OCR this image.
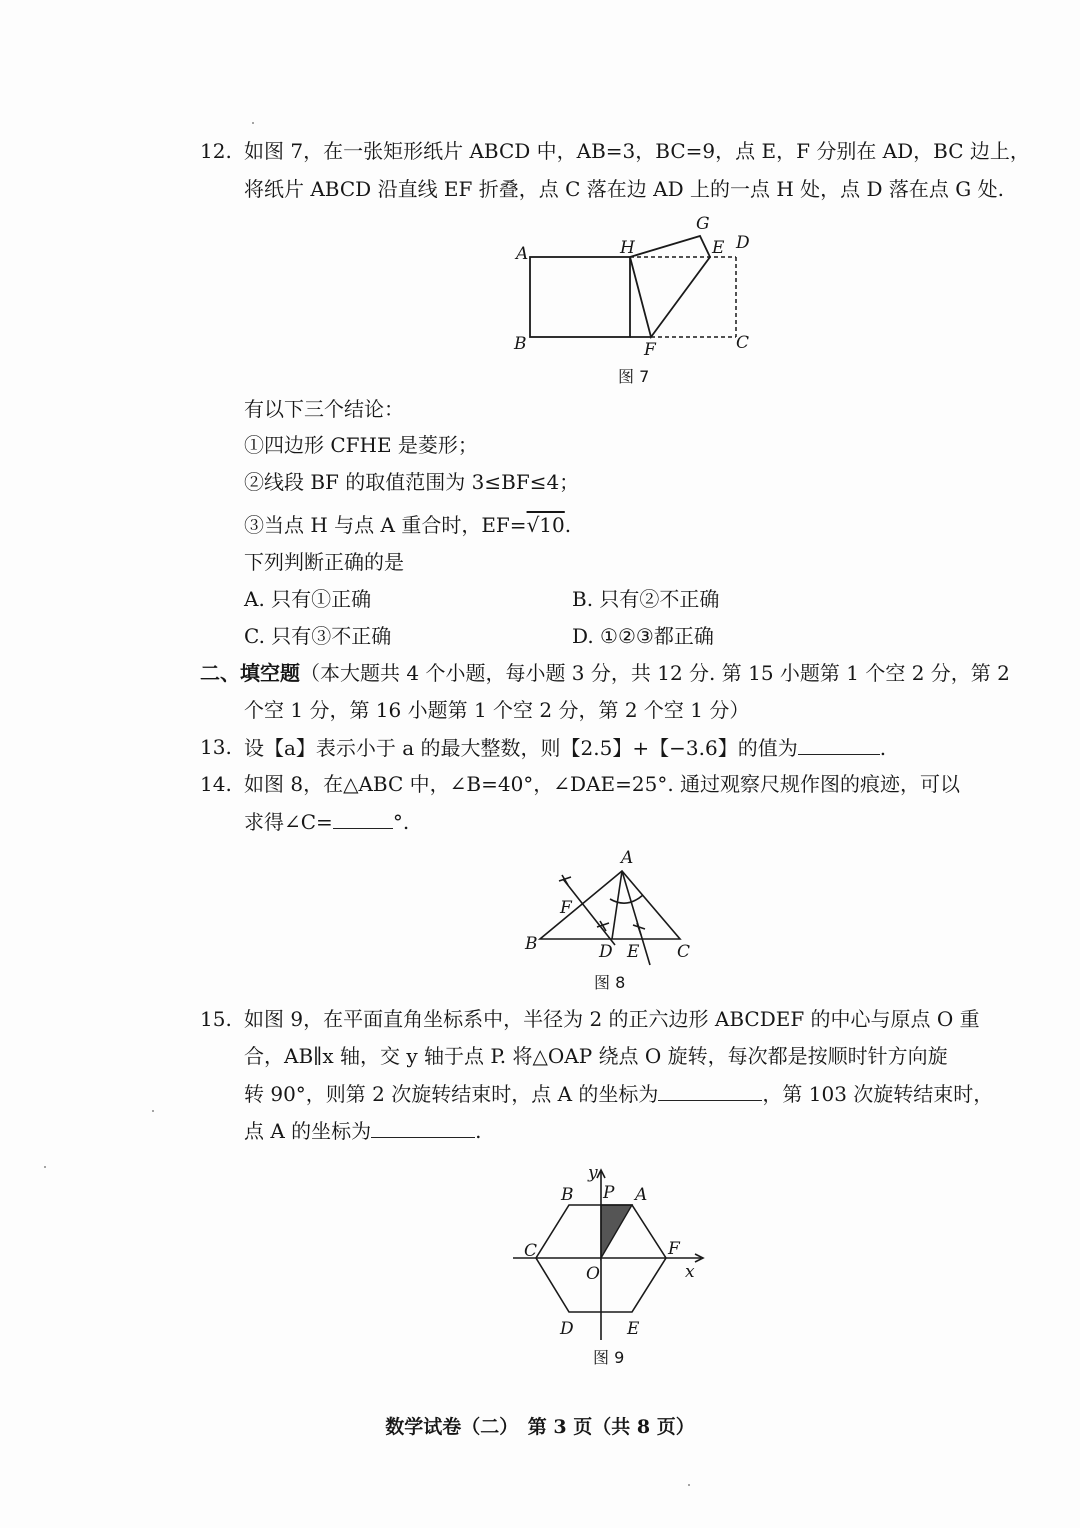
12. 如图 7，在一张矩形纸片 ABCD 中，AB=3，BC=9，点 E，F 分别在 AD，BC 边上，
将纸片 ABCD 沿直线 EF 折叠，点 C 落在边 AD 上的一点 H 处，点 D 落在点 G 处.
A
B	C
D
E
F
G
H
图 7
有以下三个结论：
①四边形 CFHE 是菱形；
②线段 BF 的取值范围为 3≤BF≤4；
③当点 H 与点 A 重合时，EF=√10.
下列判断正确的是
A. 只有①正确	B. 只有②不正确
C. 只有③不正确	D. ①②③都正确
二、填空题（本大题共 4 个小题，每小题 3 分，共 12 分. 第 15 小题第 1 个空 2 分，第 2
个空 1 分，第 16 小题第 1 个空 2 分，第 2 个空 1 分）
13. 设【a】表示小于 a 的最大整数，则【2.5】+【−3.6】的值为	.
14. 如图 8，在△ABC 中，∠B=40°，∠DAE=25°. 通过观察尺规作图的痕迹，可以
求得∠C=	°.
A
B	C
D E
F
图 8
15. 如图 9，在平面直角坐标系中，半径为 2 的正六边形 ABCDEF 的中心与原点 O 重
合，AB∥x 轴，交 y 轴于点 P. 将△OAP 绕点 O 旋转，每次都是按顺时针方向旋
转 90°，则第 2 次旋转结束时，点 A 的坐标为	，第 103 次旋转结束时，
点 A 的坐标为	.
A
B
C
D	E
F
O
P
x
y
图 9
数学试卷（二）　第 3 页（共 8 页）
